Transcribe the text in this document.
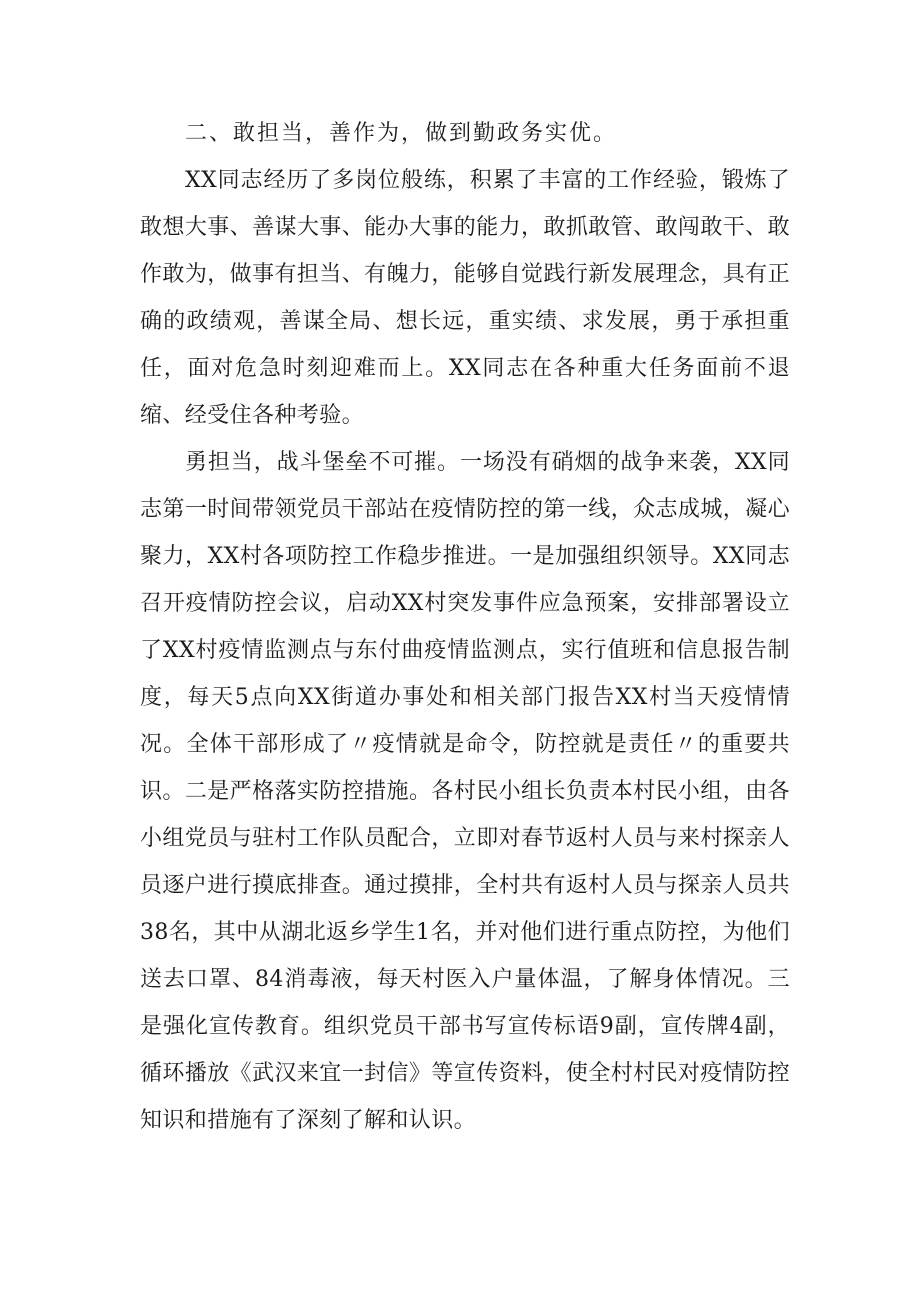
二、敢担当，善作为，做到勤政务实优。

XX同志经历了多岗位般练，积累了丰富的工作经验，锻炼了敢想大事、善谋大事、能办大事的能力，敢抓敢管、敢闯敢干、敢作敢为，做事有担当、有魄力，能够自觉践行新发展理念，具有正确的政绩观，善谋全局、想长远，重实绩、求发展，勇于承担重任，面对危急时刻迎难而上。XX同志在各种重大任务面前不退缩、经受住各种考验。

勇担当，战斗堡垒不可摧。一场没有硝烟的战争来袭，XX同志第一时间带领党员干部站在疫情防控的第一线，众志成城，凝心聚力，XX村各项防控工作稳步推进。一是加强组织领导。XX同志召开疫情防控会议，启动XX村突发事件应急预案，安排部署设立了XX村疫情监测点与东付曲疫情监测点，实行值班和信息报告制度，每天5点向XX街道办事处和相关部门报告XX村当天疫情情况。全体干部形成了〃疫情就是命令，防控就是责任〃的重要共识。二是严格落实防控措施。各村民小组长负责本村民小组，由各小组党员与驻村工作队员配合，立即对春节返村人员与来村探亲人员逐户进行摸底排查。通过摸排，全村共有返村人员与探亲人员共38名，其中从湖北返乡学生1名，并对他们进行重点防控，为他们送去口罩、84消毒液，每天村医入户量体温，了解身体情况。三是强化宣传教育。组织党员干部书写宣传标语9副，宣传牌4副，循环播放《武汉来宜一封信》等宣传资料，使全村村民对疫情防控知识和措施有了深刻了解和认识。
